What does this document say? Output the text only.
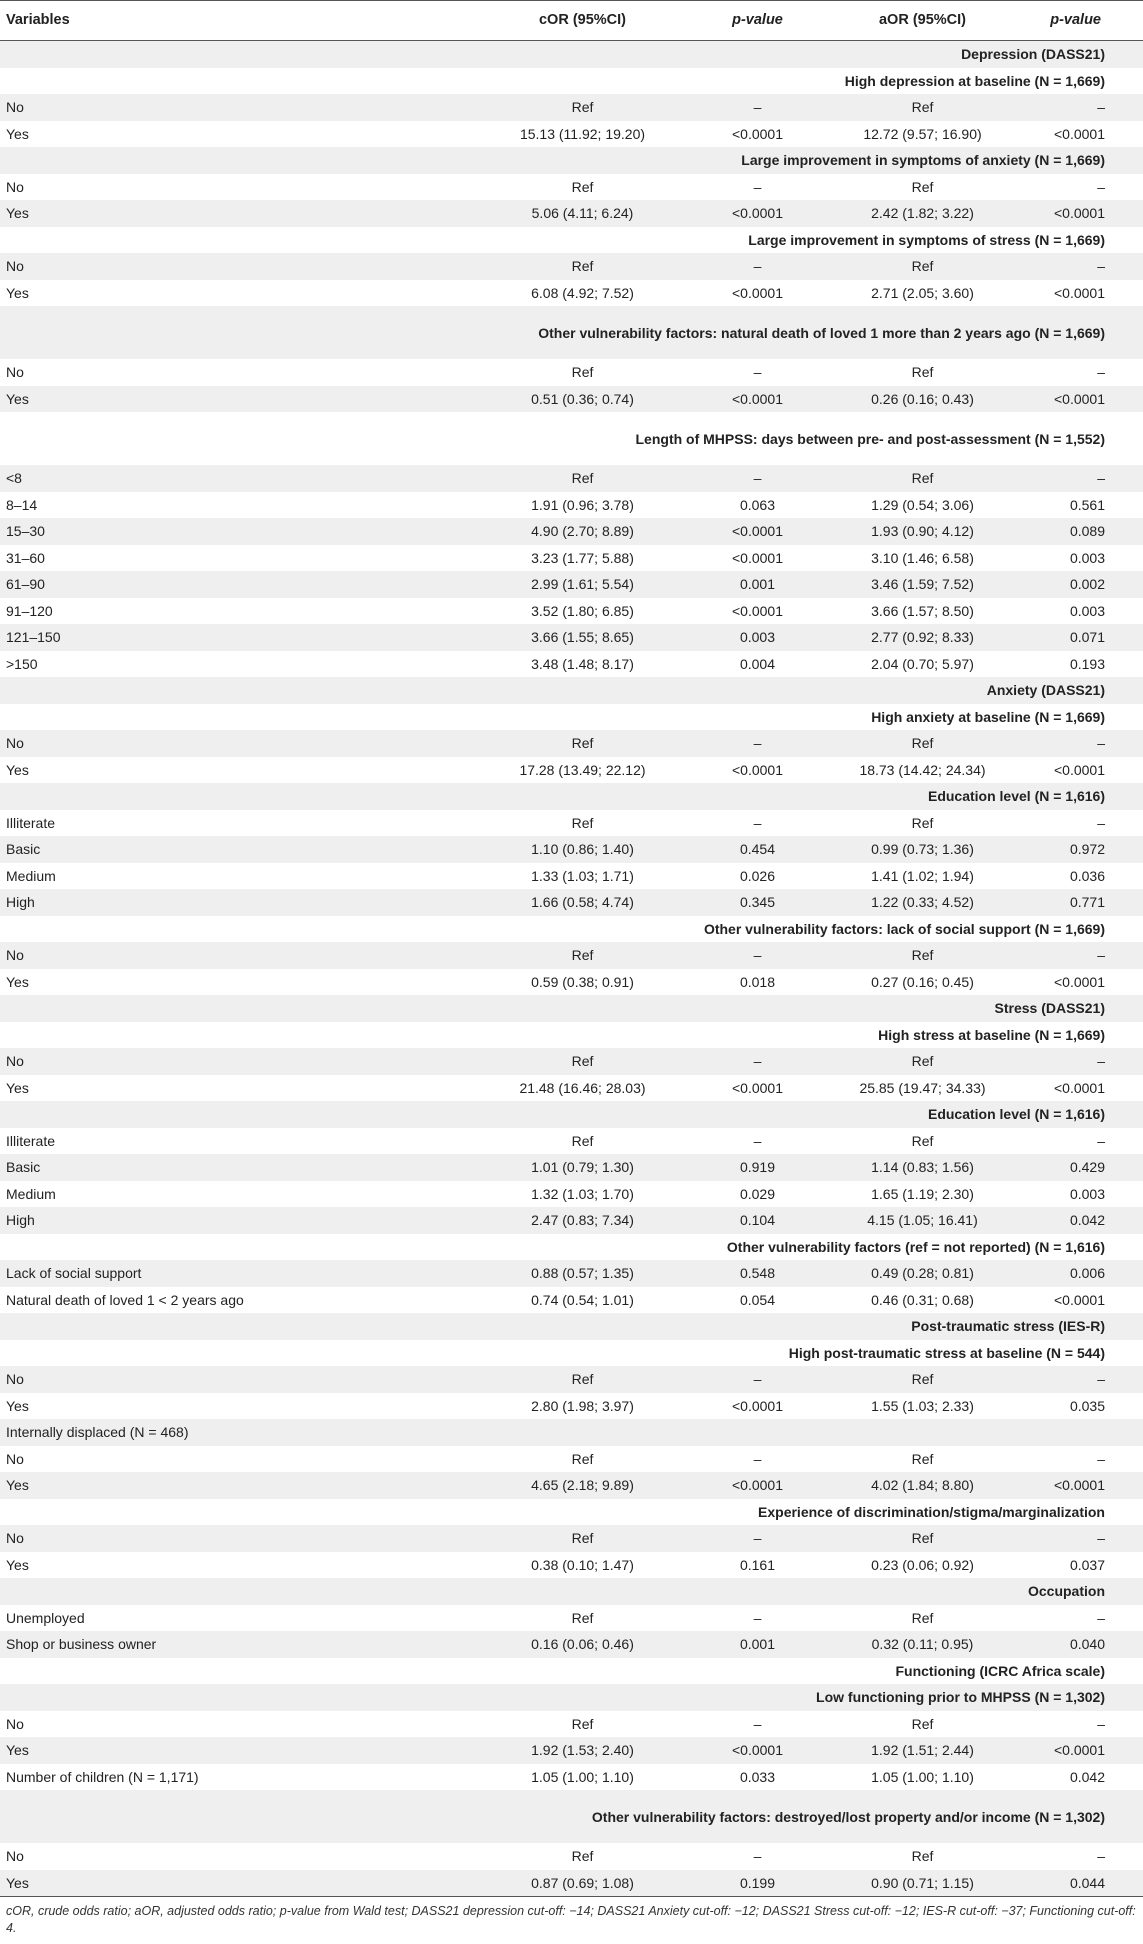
Variables	cOR (95%CI)	p-value	aOR (95%CI)	p-value
Depression (DASS21)				
High depression at baseline (N = 1,669)				
No	Ref	–	Ref	–
Yes	15.13 (11.92; 19.20)	<0.0001	12.72 (9.57; 16.90)	<0.0001
Large improvement in symptoms of anxiety (N = 1,669)				
No	Ref	–	Ref	–
Yes	5.06 (4.11; 6.24)	<0.0001	2.42 (1.82; 3.22)	<0.0001
Large improvement in symptoms of stress (N = 1,669)				
No	Ref	–	Ref	–
Yes	6.08 (4.92; 7.52)	<0.0001	2.71 (2.05; 3.60)	<0.0001
Other vulnerability factors: natural death of loved 1 more than 2 years ago (N = 1,669)				
No	Ref	–	Ref	–
Yes	0.51 (0.36; 0.74)	<0.0001	0.26 (0.16; 0.43)	<0.0001
Length of MHPSS: days between pre- and post-assessment (N = 1,552)				
<8	Ref	–	Ref	–
8–14	1.91 (0.96; 3.78)	0.063	1.29 (0.54; 3.06)	0.561
15–30	4.90 (2.70; 8.89)	<0.0001	1.93 (0.90; 4.12)	0.089
31–60	3.23 (1.77; 5.88)	<0.0001	3.10 (1.46; 6.58)	0.003
61–90	2.99 (1.61; 5.54)	0.001	3.46 (1.59; 7.52)	0.002
91–120	3.52 (1.80; 6.85)	<0.0001	3.66 (1.57; 8.50)	0.003
121–150	3.66 (1.55; 8.65)	0.003	2.77 (0.92; 8.33)	0.071
>150	3.48 (1.48; 8.17)	0.004	2.04 (0.70; 5.97)	0.193
Anxiety (DASS21)				
High anxiety at baseline (N = 1,669)				
No	Ref	–	Ref	–
Yes	17.28 (13.49; 22.12)	<0.0001	18.73 (14.42; 24.34)	<0.0001
Education level (N = 1,616)				
Illiterate	Ref	–	Ref	–
Basic	1.10 (0.86; 1.40)	0.454	0.99 (0.73; 1.36)	0.972
Medium	1.33 (1.03; 1.71)	0.026	1.41 (1.02; 1.94)	0.036
High	1.66 (0.58; 4.74)	0.345	1.22 (0.33; 4.52)	0.771
Other vulnerability factors: lack of social support (N = 1,669)				
No	Ref	–	Ref	–
Yes	0.59 (0.38; 0.91)	0.018	0.27 (0.16; 0.45)	<0.0001
Stress (DASS21)				
High stress at baseline (N = 1,669)				
No	Ref	–	Ref	–
Yes	21.48 (16.46; 28.03)	<0.0001	25.85 (19.47; 34.33)	<0.0001
Education level (N = 1,616)				
Illiterate	Ref	–	Ref	–
Basic	1.01 (0.79; 1.30)	0.919	1.14 (0.83; 1.56)	0.429
Medium	1.32 (1.03; 1.70)	0.029	1.65 (1.19; 2.30)	0.003
High	2.47 (0.83; 7.34)	0.104	4.15 (1.05; 16.41)	0.042
Other vulnerability factors (ref = not reported) (N = 1,616)				
Lack of social support	0.88 (0.57; 1.35)	0.548	0.49 (0.28; 0.81)	0.006
Natural death of loved 1 < 2 years ago	0.74 (0.54; 1.01)	0.054	0.46 (0.31; 0.68)	<0.0001
Post-traumatic stress (IES-R)				
High post-traumatic stress at baseline (N = 544)				
No	Ref	–	Ref	–
Yes	2.80 (1.98; 3.97)	<0.0001	1.55 (1.03; 2.33)	0.035
Internally displaced (N = 468)				
No	Ref	–	Ref	–
Yes	4.65 (2.18; 9.89)	<0.0001	4.02 (1.84; 8.80)	<0.0001
Experience of discrimination/stigma/marginalization				
No	Ref	–	Ref	–
Yes	0.38 (0.10; 1.47)	0.161	0.23 (0.06; 0.92)	0.037
Occupation				
Unemployed	Ref	–	Ref	–
Shop or business owner	0.16 (0.06; 0.46)	0.001	0.32 (0.11; 0.95)	0.040
Functioning (ICRC Africa scale)				
Low functioning prior to MHPSS (N = 1,302)				
No	Ref	–	Ref	–
Yes	1.92 (1.53; 2.40)	<0.0001	1.92 (1.51; 2.44)	<0.0001
Number of children (N = 1,171)	1.05 (1.00; 1.10)	0.033	1.05 (1.00; 1.10)	0.042
Other vulnerability factors: destroyed/lost property and/or income (N = 1,302)				
No	Ref	–	Ref	–
Yes	0.87 (0.69; 1.08)	0.199	0.90 (0.71; 1.15)	0.044
cOR, crude odds ratio; aOR, adjusted odds ratio; p-value from Wald test; DASS21 depression cut-off: −14; DASS21 Anxiety cut-off: −12; DASS21 Stress cut-off: −12; IES-R cut-off: −37; Functioning cut-off: 4.				
